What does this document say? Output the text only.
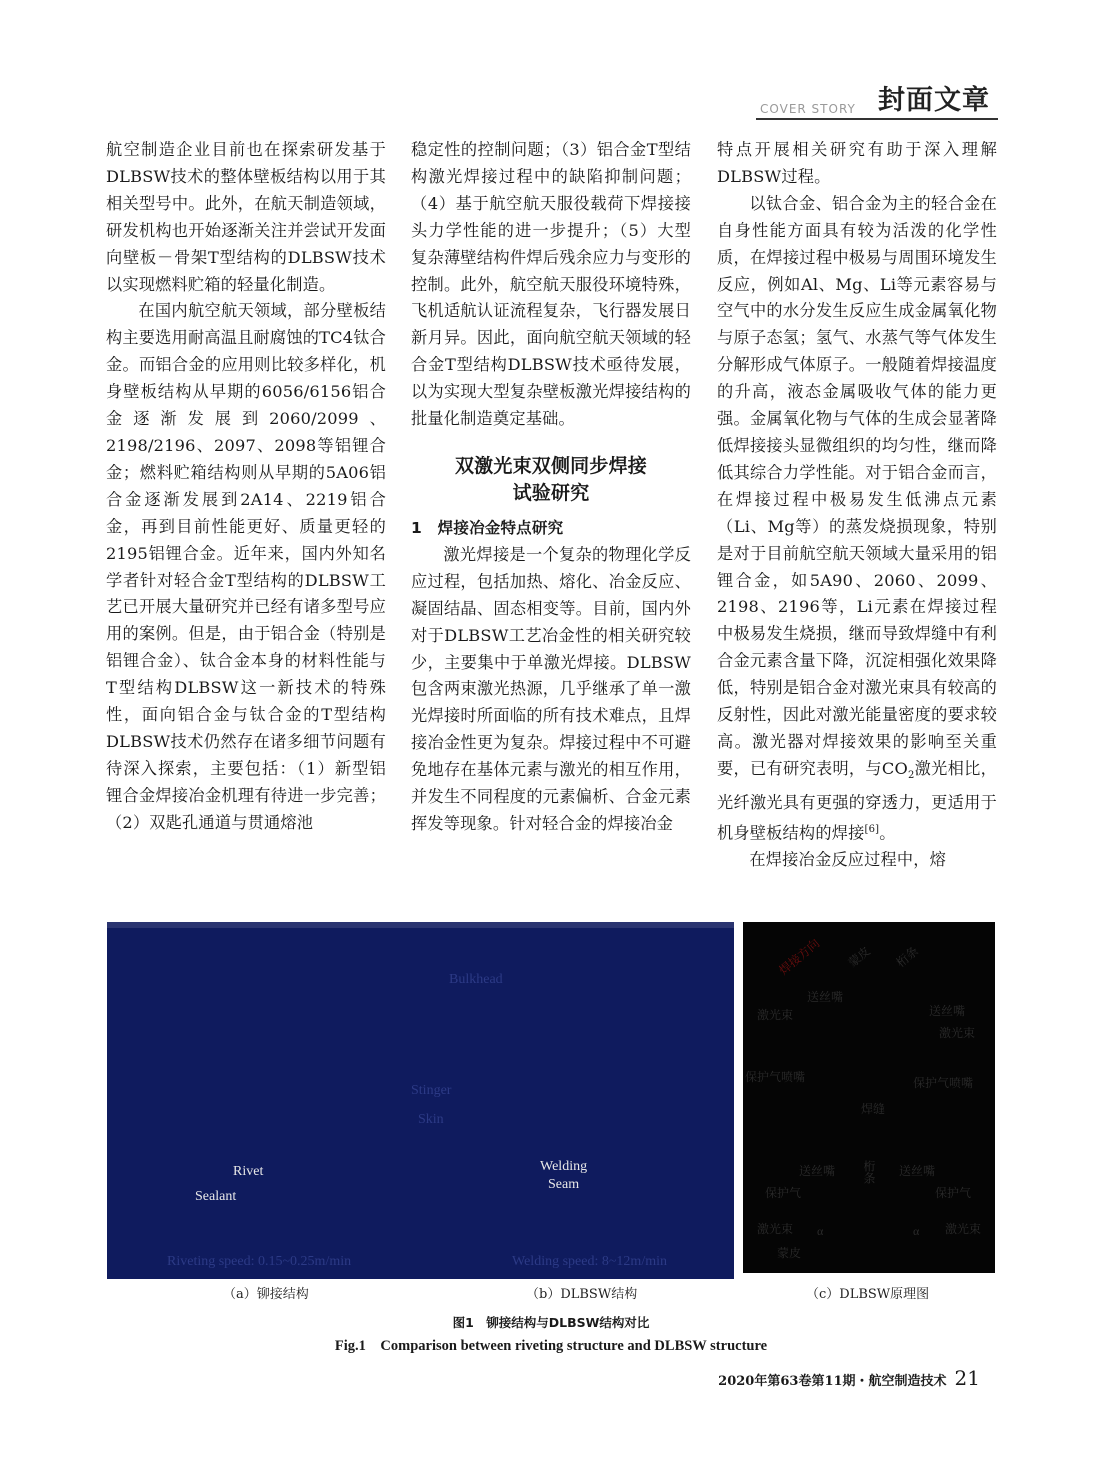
COVER STORY 封面文章

航空制造企业目前也在探索研发基于DLBSW技术的整体壁板结构以用于其相关型号中。此外，在航天制造领域，研发机构也开始逐渐关注并尝试开发面向壁板－骨架T型结构的DLBSW技术以实现燃料贮箱的轻量化制造。

在国内航空航天领域，部分壁板结构主要选用耐高温且耐腐蚀的TC4钛合金。而铝合金的应用则比较多样化，机身壁板结构从早期的6056/6156铝合金逐渐发展到2060/2099、2198/2196、2097、2098等铝锂合金；燃料贮箱结构则从早期的5A06铝合金逐渐发展到2A14、2219铝合金，再到目前性能更好、质量更轻的2195铝锂合金。近年来，国内外知名学者针对轻合金T型结构的DLBSW工艺已开展大量研究并已经有诸多型号应用的案例。但是，由于铝合金（特别是铝锂合金）、钛合金本身的材料性能与T型结构DLBSW这一新技术的特殊性，面向铝合金与钛合金的T型结构DLBSW技术仍然存在诸多细节问题有待深入探索，主要包括：（1）新型铝锂合金焊接冶金机理有待进一步完善；（2）双匙孔通道与贯通熔池

稳定性的控制问题；（3）铝合金T型结构激光焊接过程中的缺陷抑制问题；（4）基于航空航天服役载荷下焊接接头力学性能的进一步提升；（5）大型复杂薄壁结构件焊后残余应力与变形的控制。此外，航空航天服役环境特殊，飞机适航认证流程复杂，飞行器发展日新月异。因此，面向航空航天领域的轻合金T型结构DLBSW技术亟待发展，以为实现大型复杂壁板激光焊接结构的批量化制造奠定基础。

双激光束双侧同步焊接
试验研究

1　焊接冶金特点研究

激光焊接是一个复杂的物理化学反应过程，包括加热、熔化、冶金反应、凝固结晶、固态相变等。目前，国内外对于DLBSW工艺冶金性的相关研究较少，主要集中于单激光焊接。DLBSW包含两束激光热源，几乎继承了单一激光焊接时所面临的所有技术难点，且焊接冶金性更为复杂。焊接过程中不可避免地存在基体元素与激光的相互作用，并发生不同程度的元素偏析、合金元素挥发等现象。针对轻合金的焊接冶金

特点开展相关研究有助于深入理解DLBSW过程。

以钛合金、铝合金为主的轻合金在自身性能方面具有较为活泼的化学性质，在焊接过程中极易与周围环境发生反应，例如Al、Mg、Li等元素容易与空气中的水分发生反应生成金属氧化物与原子态氢；氢气、水蒸气等气体发生分解形成气体原子。一般随着焊接温度的升高，液态金属吸收气体的能力更强。金属氧化物与气体的生成会显著降低焊接接头显微组织的均匀性，继而降低其综合力学性能。对于铝合金而言，在焊接过程中极易发生低沸点元素（Li、Mg等）的蒸发烧损现象，特别是对于目前航空航天领域大量采用的铝锂合金，如5A90、2060、2099、2198、2196等，Li元素在焊接过程中极易发生烧损，继而导致焊缝中有利合金元素含量下降，沉淀相强化效果降低，特别是铝合金对激光束具有较高的反射性，因此对激光能量密度的要求较高。激光器对焊接效果的影响至关重要，已有研究表明，与$CO_2$激光相比，光纤激光具有更强的穿透力，更适用于机身壁板结构的焊接[6]。

在焊接冶金反应过程中，熔

Bulkhead
Stinger
Skin
Rivet
Sealant
Welding
Seam
Riveting speed: 0.15~0.25m/min	Welding speed: 8~12m/min
焊接方向 蒙皮 桁条
送丝嘴
激光束	送丝嘴
激光束
保护气喷嘴	保护气喷嘴
焊缝
送丝嘴	送丝嘴
桁条
保护气	保护气
激光束 α	α 激光束
蒙皮
（a）铆接结构	（b）DLBSW结构	（c）DLBSW原理图
图1　铆接结构与DLBSW结构对比
Fig.1　Comparison between riveting structure and DLBSW structure
2020年第63卷第11期・航空制造技术 21
